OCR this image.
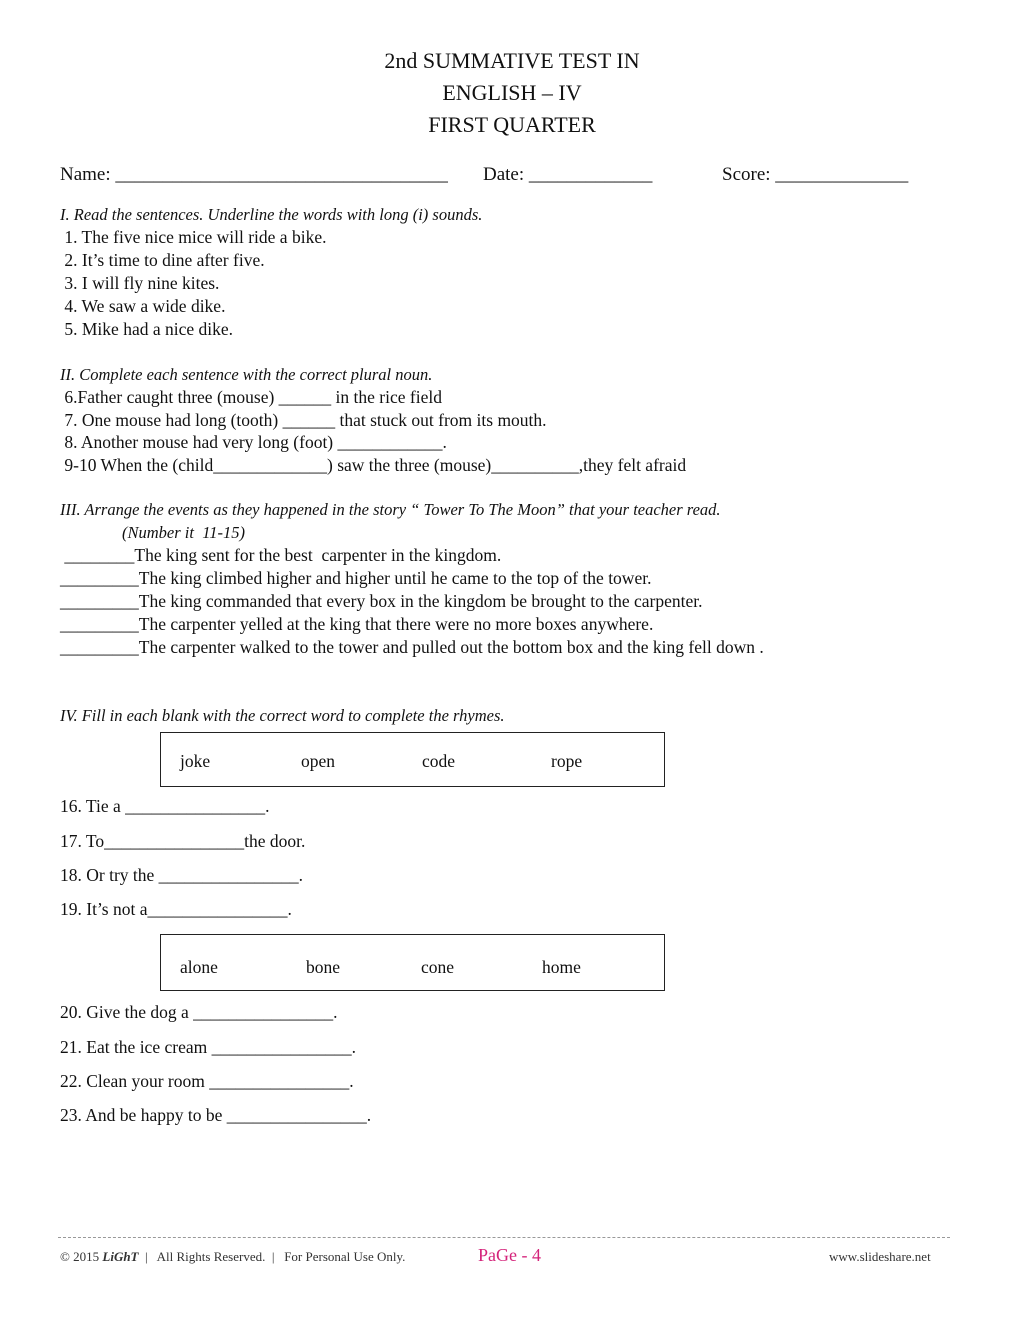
2nd SUMMATIVE TEST IN
ENGLISH – IV
FIRST QUARTER
Name: ___________________________________ Date: _____________	Score: ______________
I. Read the sentences. Underline the words with long (i) sounds.
1. The five nice mice will ride a bike.
2. It’s time to dine after five.
3. I will fly nine kites.
4. We saw a wide dike.
5. Mike had a nice dike.
II. Complete each sentence with the correct plural noun.
6.Father caught three (mouse) ______ in the rice field
7. One mouse had long (tooth) ______ that stuck out from its mouth.
8. Another mouse had very long (foot) ____________.
9-10 When the (child_____________) saw the three (mouse)__________,they felt afraid
III. Arrange the events as they happened in the story “ Tower To The Moon” that your teacher read.
(Number it  11-15)
________The king sent for the best  carpenter in the kingdom.
_________The king climbed higher and higher until he came to the top of the tower.
_________The king commanded that every box in the kingdom be brought to the carpenter.
_________The carpenter yelled at the king that there were no more boxes anywhere.
_________The carpenter walked to the tower and pulled out the bottom box and the king fell down .
IV. Fill in each blank with the correct word to complete the rhymes.
joke	open	code	rope
16. Tie a ________________.
17. To________________the door.
18. Or try the ________________.
19. It’s not a________________.
alone	bone	cone	home
20. Give the dog a ________________.
21. Eat the ice cream ________________.
22. Clean your room ________________.
23. And be happy to be ________________.
© 2015 LiGhT |   All Rights Reserved.  |   For Personal Use Only.	PaGe - 4	www.slideshare.net
